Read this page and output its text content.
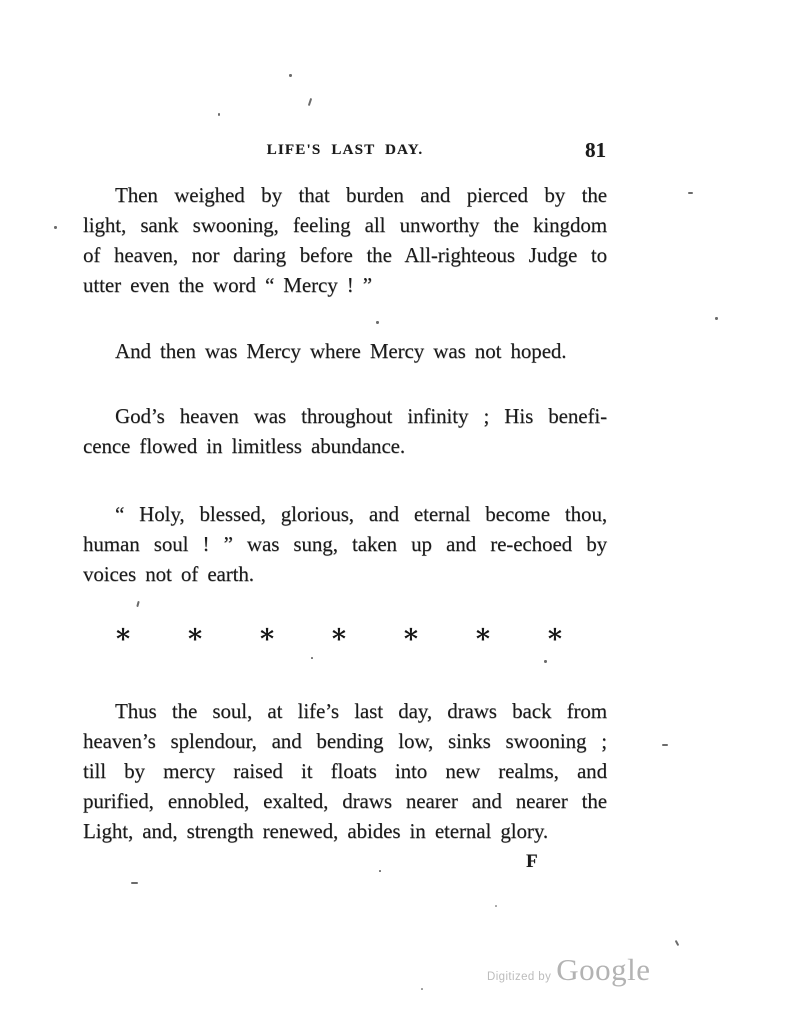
LIFE'S LAST DAY.	81
Then weighed by that burden and pierced by the
light, sank swooning, feeling all unworthy the kingdom
of heaven, nor daring before the All-righteous Judge to
utter even the word “ Mercy ! ”
And then was Mercy where Mercy was not hoped.
God’s heaven was throughout infinity ; His benefi-
cence flowed in limitless abundance.
“ Holy, blessed, glorious, and eternal become thou,
human soul ! ” was sung, taken up and re-echoed by
voices not of earth.
* * * * * * *
Thus the soul, at life’s last day, draws back from
heaven’s splendour, and bending low, sinks swooning ;
till by mercy raised it floats into new realms, and
purified, ennobled, exalted, draws nearer and nearer the
Light, and, strength renewed, abides in eternal glory.
F
Digitized by Google
